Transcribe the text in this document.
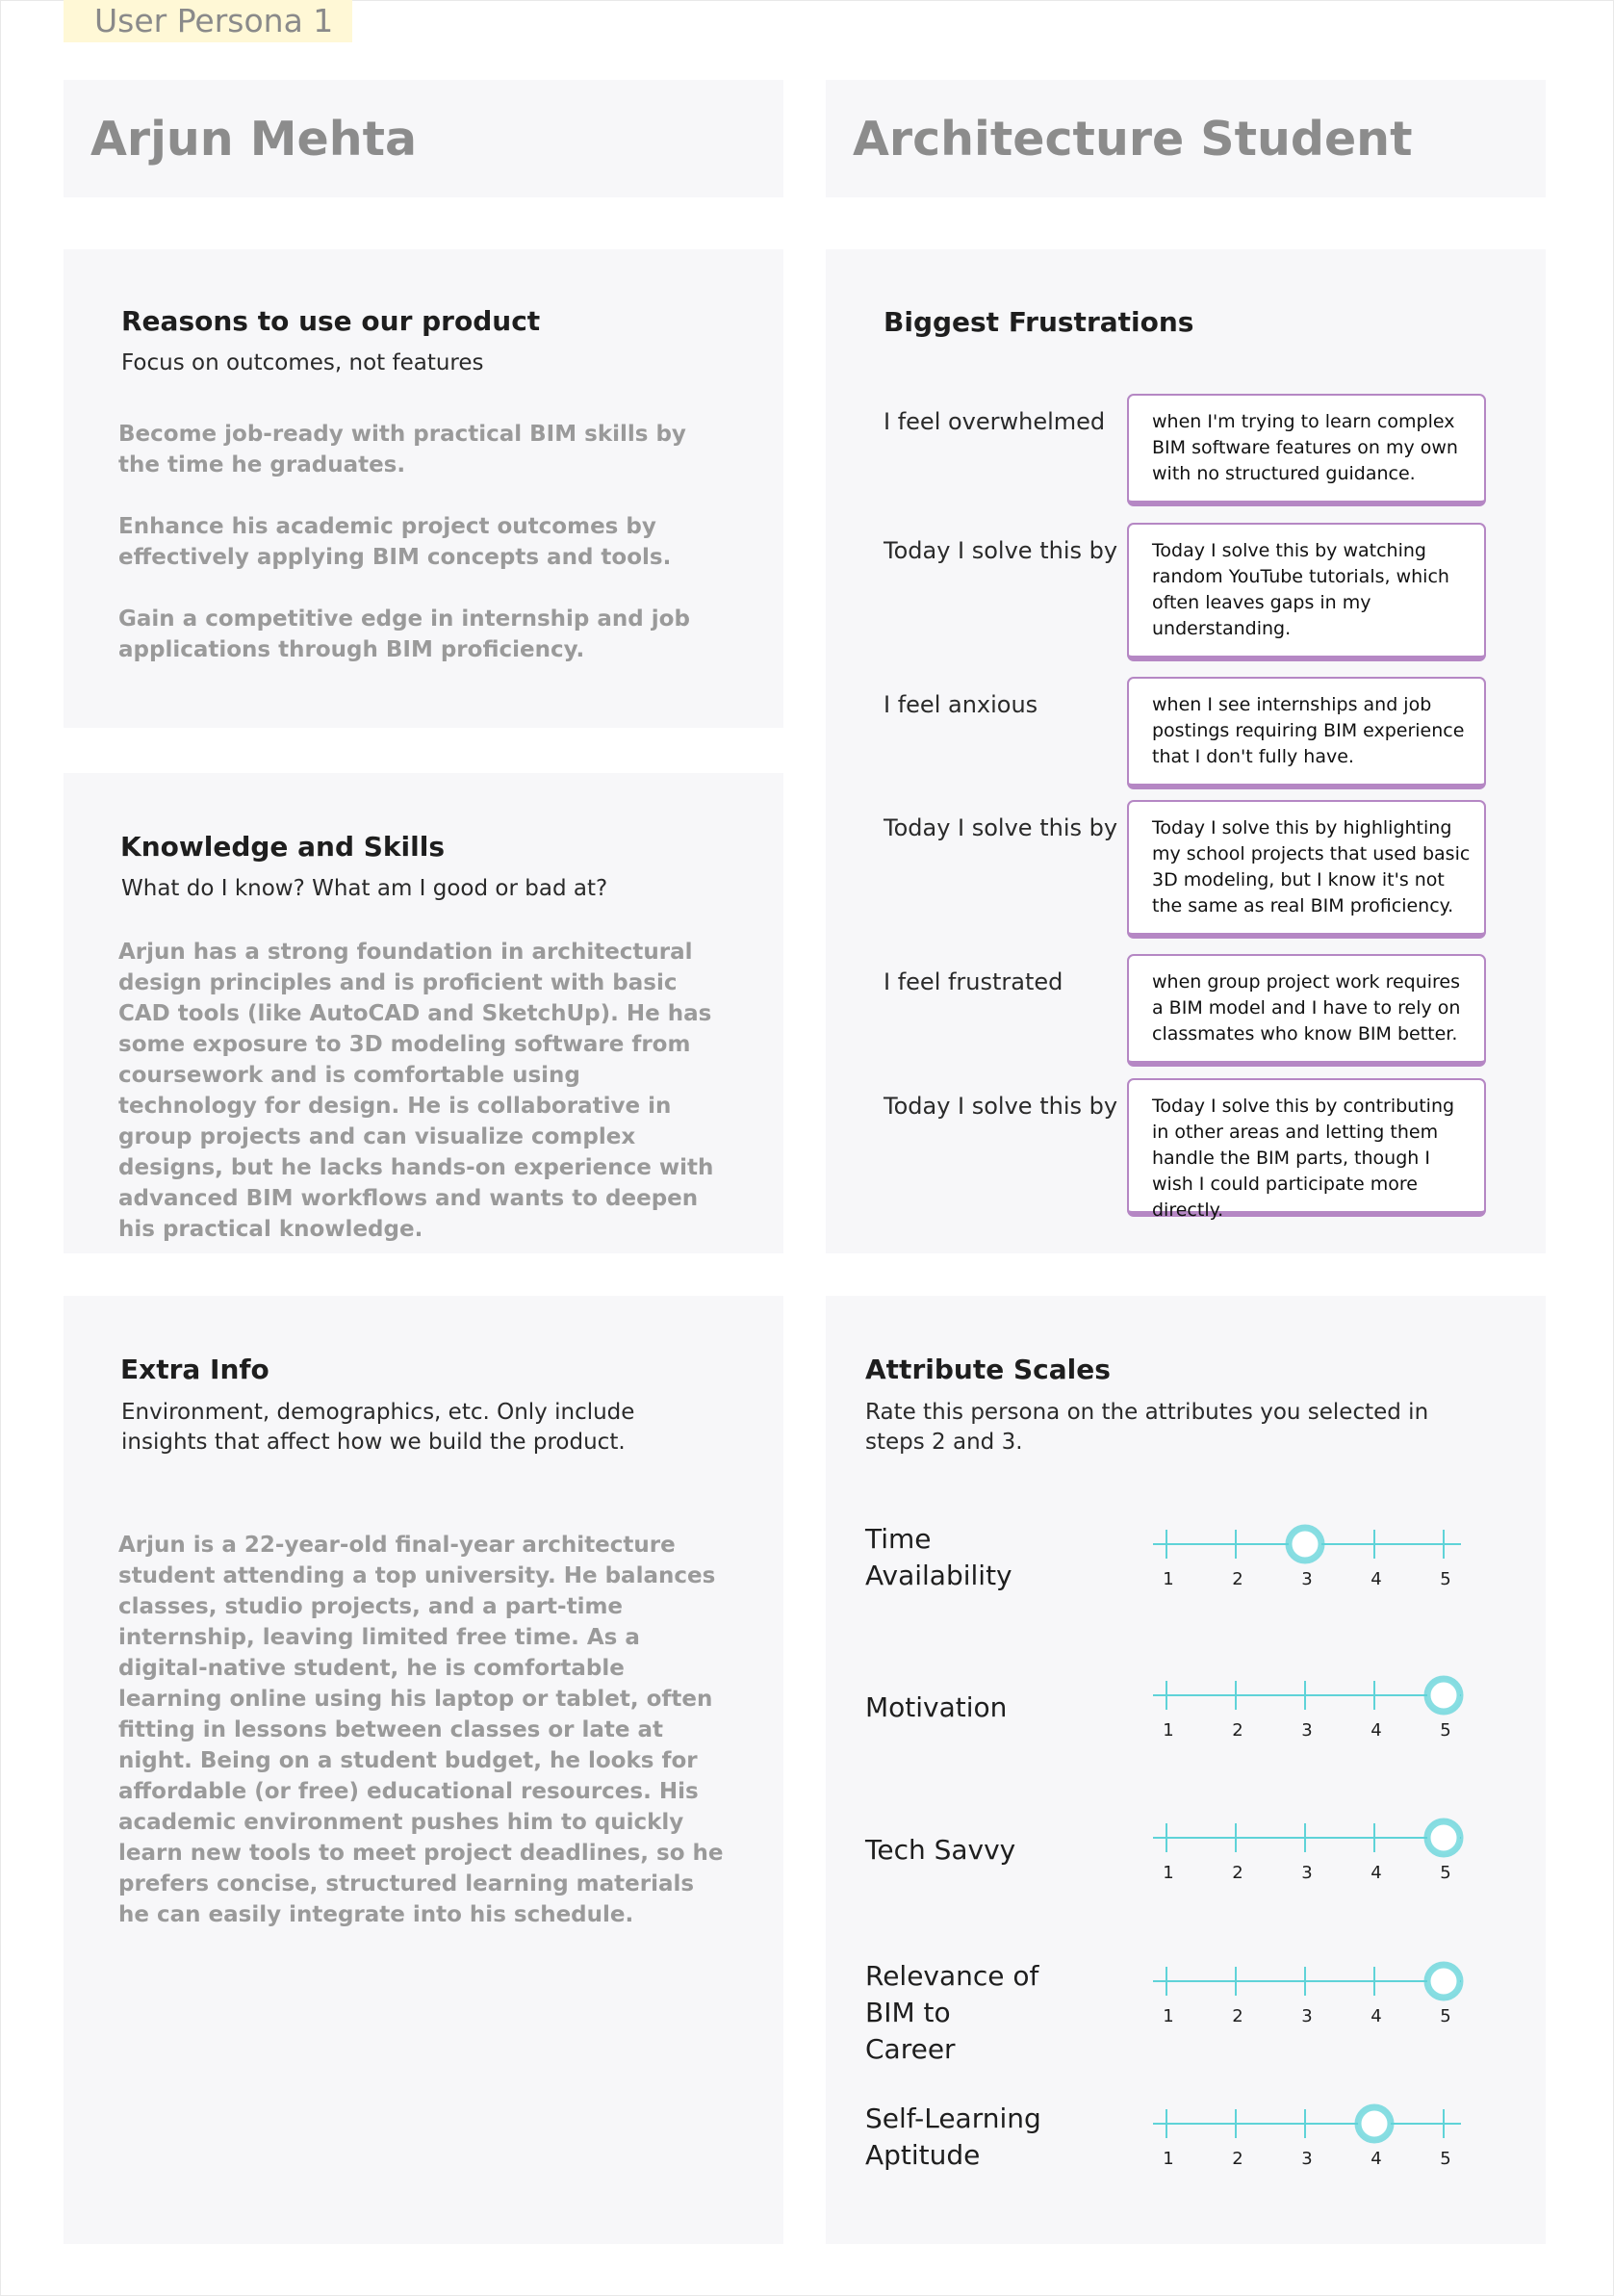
User Persona 1
Arjun Mehta	Architecture Student
Reasons to use our product
Focus on outcomes, not features
Become job-ready with practical BIM skills by the time he graduates.
Enhance his academic project outcomes by effectively applying BIM concepts and tools.
Gain a competitive edge in internship and job applications through BIM proficiency.
Knowledge and Skills
What do I know? What am I good or bad at?
Arjun has a strong foundation in architectural design principles and is proficient with basic CAD tools (like AutoCAD and SketchUp). He has some exposure to 3D modeling software from coursework and is comfortable using technology for design. He is collaborative in group projects and can visualize complex designs, but he lacks hands-on experience with advanced BIM workflows and wants to deepen his practical knowledge.
Biggest Frustrations
I feel overwhelmed	when I'm trying to learn complex BIM software features on my own with no structured guidance.
Today I solve this by	Today I solve this by watching random YouTube tutorials, which often leaves gaps in my understanding.
I feel anxious	when I see internships and job postings requiring BIM experience that I don't fully have.
Today I solve this by	Today I solve this by highlighting my school projects that used basic 3D modeling, but I know it's not the same as real BIM proficiency.
I feel frustrated	when group project work requires a BIM model and I have to rely on classmates who know BIM better.
Today I solve this by	Today I solve this by contributing in other areas and letting them handle the BIM parts, though I wish I could participate more directly.
Extra Info
Environment, demographics, etc. Only include insights that affect how we build the product.
Arjun is a 22-year-old final-year architecture student attending a top university. He balances classes, studio projects, and a part-time internship, leaving limited free time. As a digital-native student, he is comfortable learning online using his laptop or tablet, often fitting in lessons between classes or late at night. Being on a student budget, he looks for affordable (or free) educational resources. His academic environment pushes him to quickly learn new tools to meet project deadlines, so he prefers concise, structured learning materials he can easily integrate into his schedule.
Attribute Scales
Rate this persona on the attributes you selected in steps 2 and 3.
Time Availability	1	2	3	4	5
Motivation
1	2	3	4	5
Tech Savvy
1	2	3	4	5
Relevance of BIM to Career
1	2	3	4	5
Self-Learning Aptitude	1	2	3	4	5
